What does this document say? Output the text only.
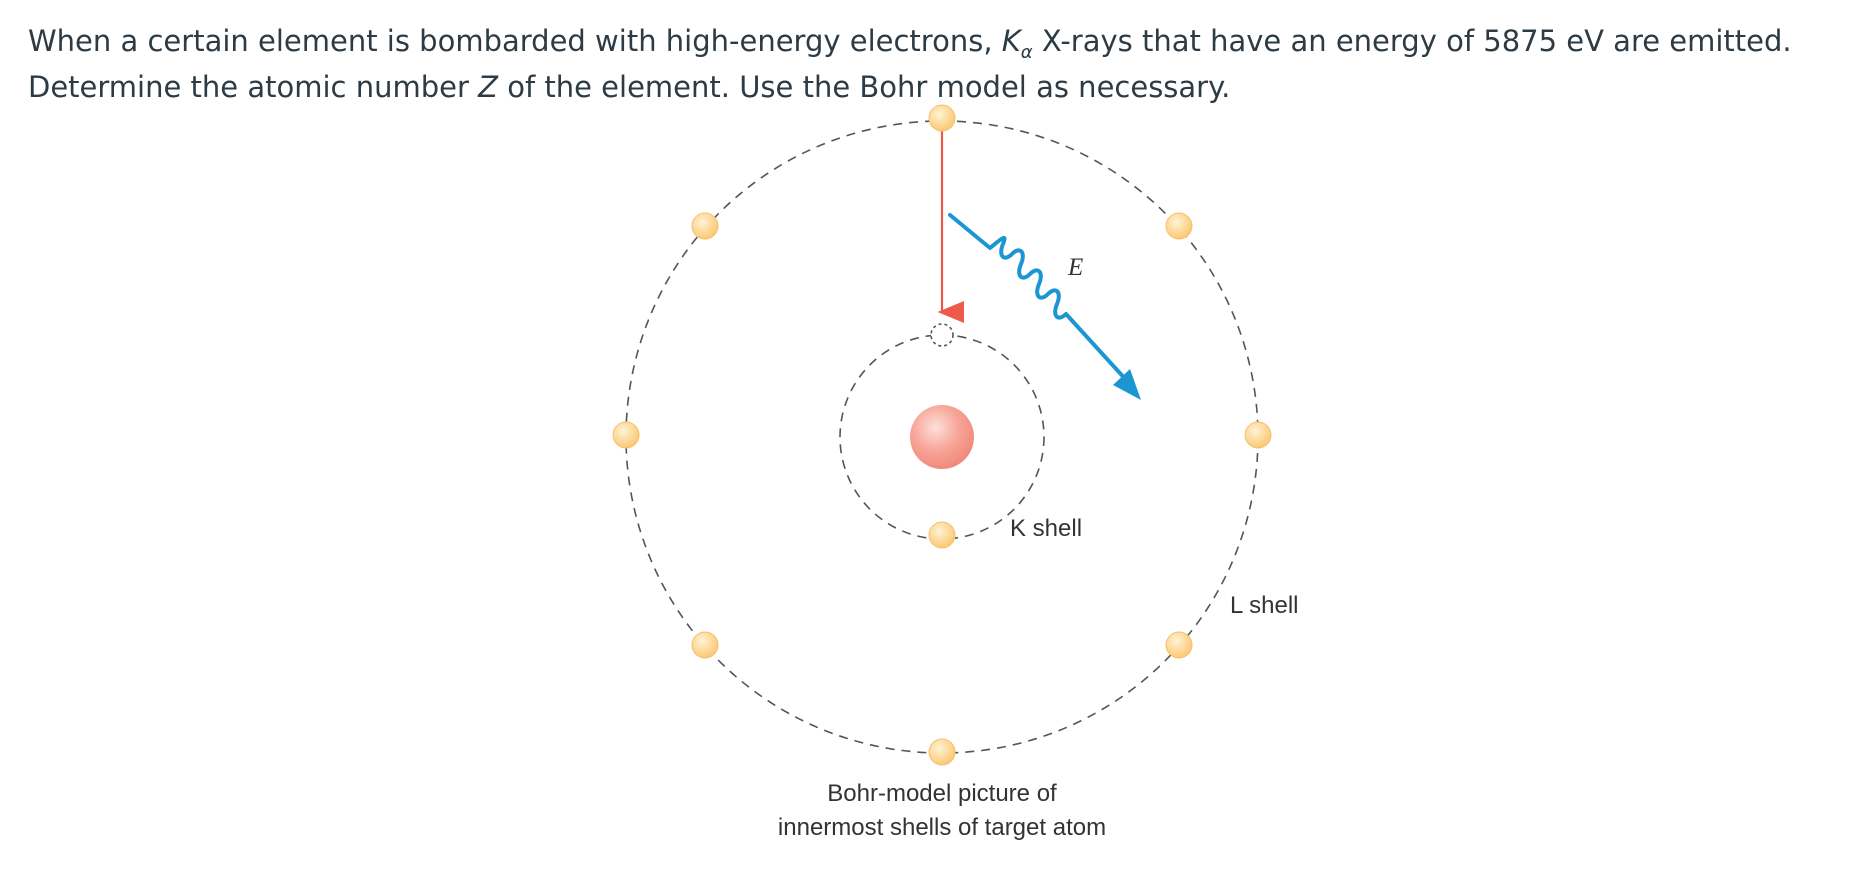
When a certain element is bombarded with high-energy electrons, $K_\alpha$ X-rays that have an energy of 5875 eV are emitted. Determine the atomic number Z of the element. Use the Bohr model as necessary.

E
K shell
L shell
Bohr-model picture of
innermost shells of target atom
